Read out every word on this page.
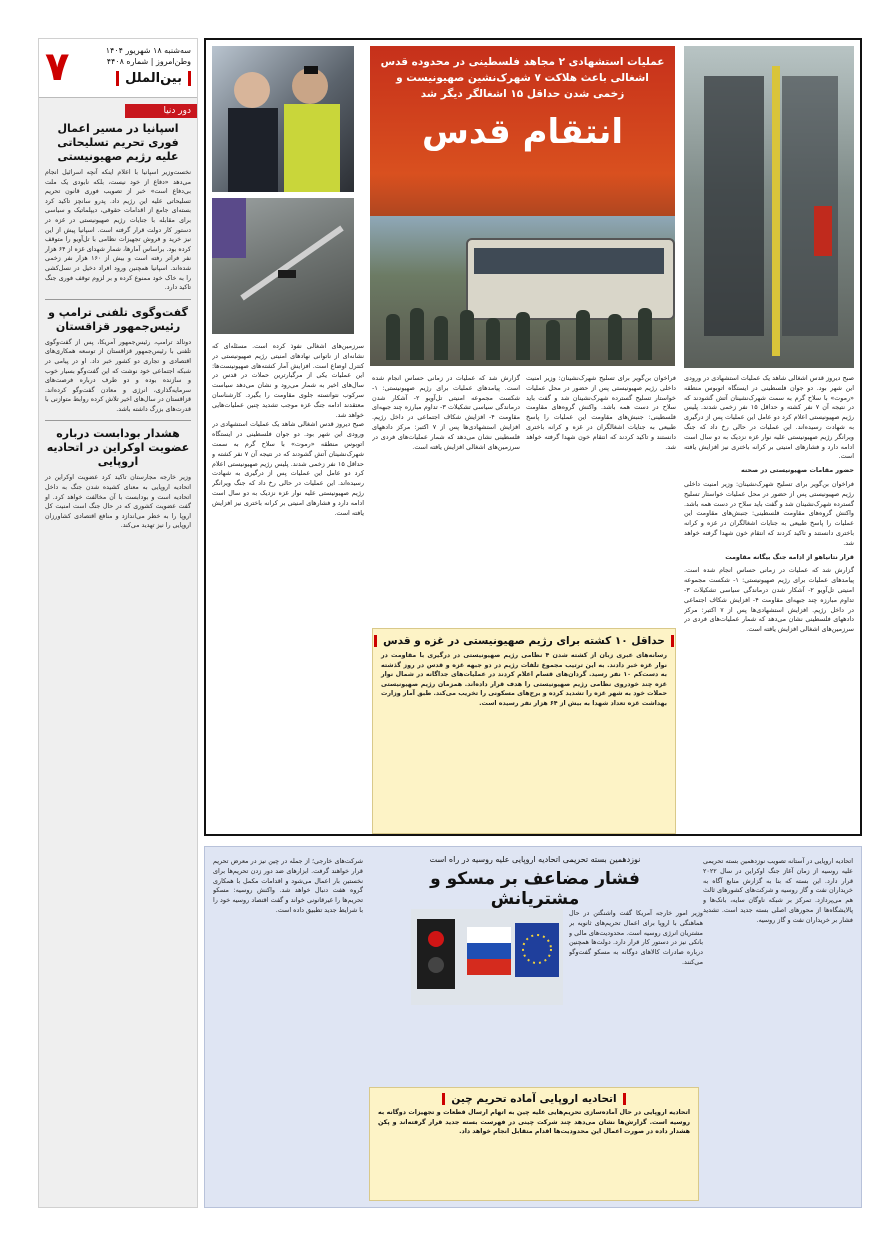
۷	سه‌شنبه ۱۸ شهریور ۱۴۰۴
وطن‌امروز | شماره ۴۴۰۸
بین‌الملل
دور دنیا
اسپانیا در مسیر اعمال فوری تحریم تسلیحاتی علیه رژیم صهیونیستی

نخست‌وزیر اسپانیا با اعلام اینکه آنچه اسرائیل انجام می‌دهد «دفاع از خود نیست، بلکه نابودی یک ملت بی‌دفاع است» خبر از تصویب فوری قانون تحریم تسلیحاتی علیه این رژیم داد. پدرو سانچز تاکید کرد بسته‌ای جامع از اقدامات حقوقی، دیپلماتیک و سیاسی برای مقابله با جنایات رژیم صهیونیستی در غزه در دستور کار دولت قرار گرفته است. اسپانیا پیش از این نیز خرید و فروش تجهیزات نظامی با تل‌آویو را متوقف کرده بود. براساس آمارها، شمار شهدای غزه از ۶۴ هزار نفر فراتر رفته است و بیش از ۱۶۰ هزار نفر زخمی شده‌اند. اسپانیا همچنین ورود افراد دخیل در نسل‌کشی را به خاک خود ممنوع کرده و بر لزوم توقف فوری جنگ تاکید دارد.

گفت‌وگوی تلفنی ترامپ و رئیس‌جمهور قزاقستان

دونالد ترامپ، رئیس‌جمهور آمریکا، پس از گفت‌وگوی تلفنی با رئیس‌جمهور قزاقستان از توسعه همکاری‌های اقتصادی و تجاری دو کشور خبر داد. او در پیامی در شبکه اجتماعی خود نوشت که این گفت‌وگو بسیار خوب و سازنده بوده و دو طرف درباره فرصت‌های سرمایه‌گذاری، انرژی و معادن گفت‌وگو کرده‌اند. قزاقستان در سال‌های اخیر تلاش کرده روابط متوازنی با قدرت‌های بزرگ داشته باشد.

هشدار بودابست درباره عضویت اوکراین در اتحادیه اروپایی

وزیر خارجه مجارستان تاکید کرد عضویت اوکراین در اتحادیه اروپایی به معنای کشیده شدن جنگ به داخل اتحادیه است و بودابست با آن مخالفت خواهد کرد. او گفت عضویت کشوری که در حال جنگ است امنیت کل اروپا را به خطر می‌اندازد و منافع اقتصادی کشاورزان اروپایی را نیز تهدید می‌کند.

عملیات استشهادی ۲ مجاهد فلسطینی در محدوده قدس اشغالی باعث هلاکت ۷ شهرک‌نشین صهیونیست و زخمی شدن حداقل ۱۵ اشغالگر دیگر شد
انتقام قدس
صبح دیروز قدس اشغالی شاهد یک عملیات استشهادی در ورودی این شهر بود. دو جوان فلسطینی در ایستگاه اتوبوس منطقه «رموت» با سلاح گرم به سمت شهرک‌نشینان آتش گشودند که در نتیجه آن ۷ نفر کشته و حداقل ۱۵ نفر زخمی شدند. پلیس رژیم صهیونیستی اعلام کرد دو عامل این عملیات پس از درگیری به شهادت رسیده‌اند. این عملیات در حالی رخ داد که جنگ ویرانگر رژیم صهیونیستی علیه نوار غزه نزدیک به دو سال است ادامه دارد و فشارهای امنیتی بر کرانه باختری نیز افزایش یافته است.
حضور مقامات صهیونیستی در صحنه
فراخوان بن‌گویر برای تسلیح شهرک‌نشینان: وزیر امنیت داخلی رژیم صهیونیستی پس از حضور در محل عملیات خواستار تسلیح گسترده شهرک‌نشینان شد و گفت باید سلاح در دست همه باشد. واکنش گروه‌های مقاومت فلسطینی: جنبش‌های مقاومت این عملیات را پاسخ طبیعی به جنایات اشغالگران در غزه و کرانه باختری دانستند و تاکید کردند که انتقام خون شهدا گرفته خواهد شد.
قرار نتانیاهو از ادامه جنگ بیگانه مقاومت
گزارش شد که عملیات در زمانی حساس انجام شده است. پیامدهای عملیات برای رژیم صهیونیستی: ۱- شکست مجموعه امنیتی تل‌آویو ۲- آشکار شدن درماندگی سیاسی تشکیلات ۳- تداوم مبارزه چند جبهه‌ای مقاومت ۴- افزایش شکاف اجتماعی در داخل رژیم. افزایش استشهادی‌ها پس از ۷ اکتبر: مرکز دادههای فلسطینی نشان می‌دهد که شمار عملیات‌های فردی در سرزمین‌های اشغالی افزایش یافته است.
فراخوان بن‌گویر برای تسلیح شهرک‌نشینان: وزیر امنیت داخلی رژیم صهیونیستی پس از حضور در محل عملیات خواستار تسلیح گسترده شهرک‌نشینان شد و گفت باید سلاح در دست همه باشد. واکنش گروه‌های مقاومت فلسطینی: جنبش‌های مقاومت این عملیات را پاسخ طبیعی به جنایات اشغالگران در غزه و کرانه باختری دانستند و تاکید کردند که انتقام خون شهدا گرفته خواهد شد.
گزارش شد که عملیات در زمانی حساس انجام شده است. پیامدهای عملیات برای رژیم صهیونیستی: ۱- شکست مجموعه امنیتی تل‌آویو ۲- آشکار شدن درماندگی سیاسی تشکیلات ۳- تداوم مبارزه چند جبهه‌ای مقاومت ۴- افزایش شکاف اجتماعی در داخل رژیم. افزایش استشهادی‌ها پس از ۷ اکتبر: مرکز دادههای فلسطینی نشان می‌دهد که شمار عملیات‌های فردی در سرزمین‌های اشغالی افزایش یافته است.
سرزمین‌های اشغالی نفوذ کرده است. مسئله‌ای که نشانه‌ای از ناتوانی نهادهای امنیتی رژیم صهیونیستی در کنترل اوضاع است. افزایش آمار کشته‌های صهیونیست‌ها: این عملیات یکی از مرگبارترین حملات در قدس در سال‌های اخیر به شمار می‌رود و نشان می‌دهد سیاست سرکوب نتوانسته جلوی مقاومت را بگیرد. کارشناسان معتقدند ادامه جنگ غزه موجب تشدید چنین عملیات‌هایی خواهد شد.
صبح دیروز قدس اشغالی شاهد یک عملیات استشهادی در ورودی این شهر بود. دو جوان فلسطینی در ایستگاه اتوبوس منطقه «رموت» با سلاح گرم به سمت شهرک‌نشینان آتش گشودند که در نتیجه آن ۷ نفر کشته و حداقل ۱۵ نفر زخمی شدند. پلیس رژیم صهیونیستی اعلام کرد دو عامل این عملیات پس از درگیری به شهادت رسیده‌اند. این عملیات در حالی رخ داد که جنگ ویرانگر رژیم صهیونیستی علیه نوار غزه نزدیک به دو سال است ادامه دارد و فشارهای امنیتی بر کرانه باختری نیز افزایش یافته است.
حداقل ۱۰ کشته برای رژیم صهیونیستی در غزه و قدس

رسانه‌های عبری زبان از کشته شدن ۴ نظامی رژیم صهیونیستی در درگیری با مقاومت در نوار غزه خبر دادند. به این ترتیب مجموع تلفات رژیم در دو جبهه غزه و قدس در روز گذشته به دست‌کم ۱۰ نفر رسید. گردان‌های قسام اعلام کردند در عملیات‌های جداگانه در شمال نوار غزه چند خودروی نظامی رژیم صهیونیستی را هدف قرار داده‌اند. همزمان رژیم صهیونیستی حملات خود به شهر غزه را تشدید کرده و برج‌های مسکونی را تخریب می‌کند. طبق آمار وزارت بهداشت غزه تعداد شهدا به بیش از ۶۴ هزار نفر رسیده است.

نوزدهمین بسته تحریمی اتحادیه اروپایی علیه روسیه در راه است
فشار مضاعف بر مسکو و مشتریانش
اتحادیه اروپایی در آستانه تصویب نوزدهمین بسته تحریمی علیه روسیه از زمان آغاز جنگ اوکراین در سال ۲۰۲۲ قرار دارد. این بسته که بنا به گزارش منابع آگاه به خریداران نفت و گاز روسیه و شرکت‌های کشورهای ثالث هم می‌پردازد. تمرکز بر شبکه ناوگان سایه، بانک‌ها و پالایشگاه‌ها از محورهای اصلی بسته جدید است. تشدید فشار بر خریداران نفت و گاز روسیه.
وزیر امور خارجه آمریکا گفت واشنگتن در حال هماهنگی با اروپا برای اعمال تحریم‌های ثانویه بر مشتریان انرژی روسیه است. محدودیت‌های مالی و بانکی نیز در دستور کار قرار دارد. دولت‌ها همچنین درباره صادرات کالاهای دوگانه به مسکو گفت‌وگو می‌کنند.
شرکت‌های خارجی؛ از جمله در چین نیز در معرض تحریم قرار خواهند گرفت. ابزارهای ضد دور زدن تحریم‌ها برای نخستین بار اعمال می‌شود و اقدامات مکمل با همکاری گروه هفت دنبال خواهد شد. واکنش روسیه: مسکو تحریم‌ها را غیرقانونی خواند و گفت اقتصاد روسیه خود را با شرایط جدید تطبیق داده است.
اتحادیه اروپایی آماده تحریم چین

اتحادیه اروپایی در حال آماده‌سازی تحریم‌هایی علیه چین به اتهام ارسال قطعات و تجهیزات دوگانه به روسیه است. گزارش‌ها نشان می‌دهد چند شرکت چینی در فهرست بسته جدید قرار گرفته‌اند و پکن هشدار داده در صورت اعمال این محدودیت‌ها اقدام متقابل انجام خواهد داد.
